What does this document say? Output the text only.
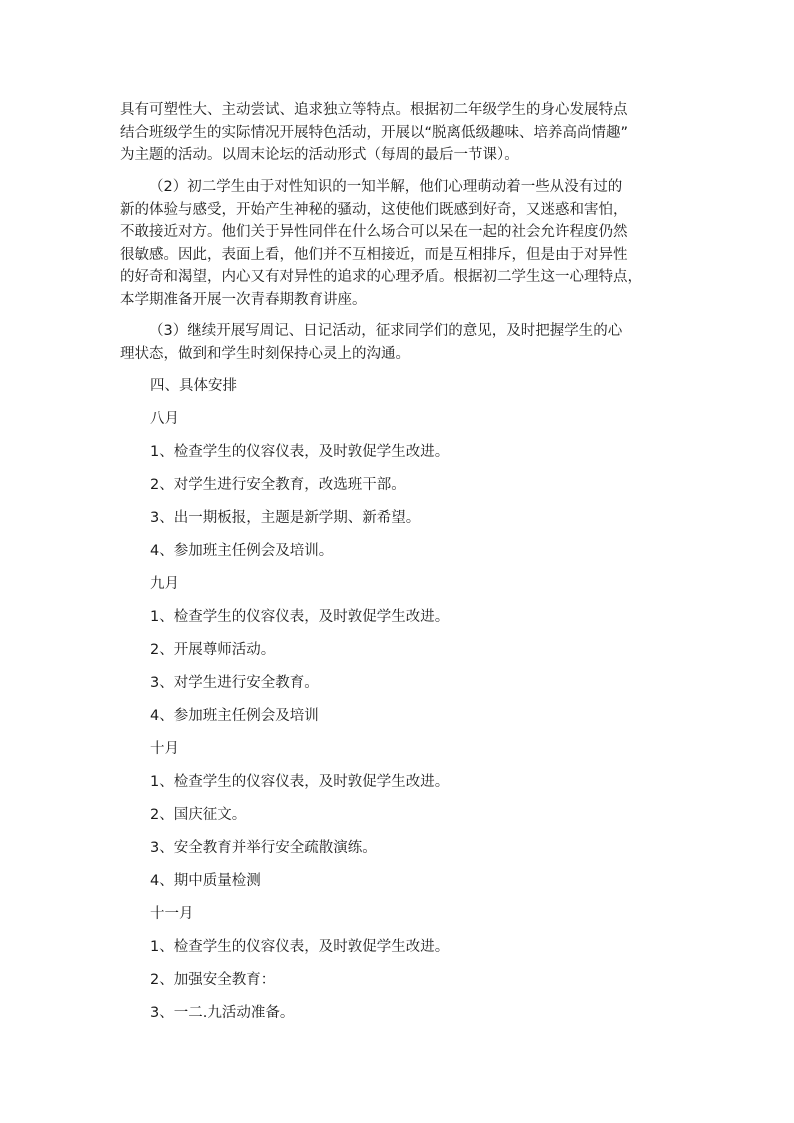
具有可塑性大、主动尝试、追求独立等特点。根据初二年级学生的身心发展特点
结合班级学生的实际情况开展特色活动，开展以“脱离低级趣味、培养高尚情趣”
为主题的活动。以周末论坛的活动形式（每周的最后一节课）。

（2）初二学生由于对性知识的一知半解，他们心理萌动着一些从没有过的
新的体验与感受，开始产生神秘的骚动，这使他们既感到好奇，又迷惑和害怕，
不敢接近对方。他们关于异性同伴在什么场合可以呆在一起的社会允许程度仍然
很敏感。因此，表面上看，他们并不互相接近，而是互相排斥，但是由于对异性
的好奇和渴望，内心又有对异性的追求的心理矛盾。根据初二学生这一心理特点，
本学期准备开展一次青春期教育讲座。

（3）继续开展写周记、日记活动，征求同学们的意见，及时把握学生的心
理状态，做到和学生时刻保持心灵上的沟通。

四、具体安排

八月

1、检查学生的仪容仪表，及时敦促学生改进。

2、对学生进行安全教育，改选班干部。

3、出一期板报，主题是新学期、新希望。

4、参加班主任例会及培训。

九月

1、检查学生的仪容仪表，及时敦促学生改进。

2、开展尊师活动。

3、对学生进行安全教育。

4、参加班主任例会及培训

十月

1、检查学生的仪容仪表，及时敦促学生改进。

2、国庆征文。

3、安全教育并举行安全疏散演练。

4、期中质量检测

十一月

1、检查学生的仪容仪表，及时敦促学生改进。

2、加强安全教育：

3、一二.九活动准备。
